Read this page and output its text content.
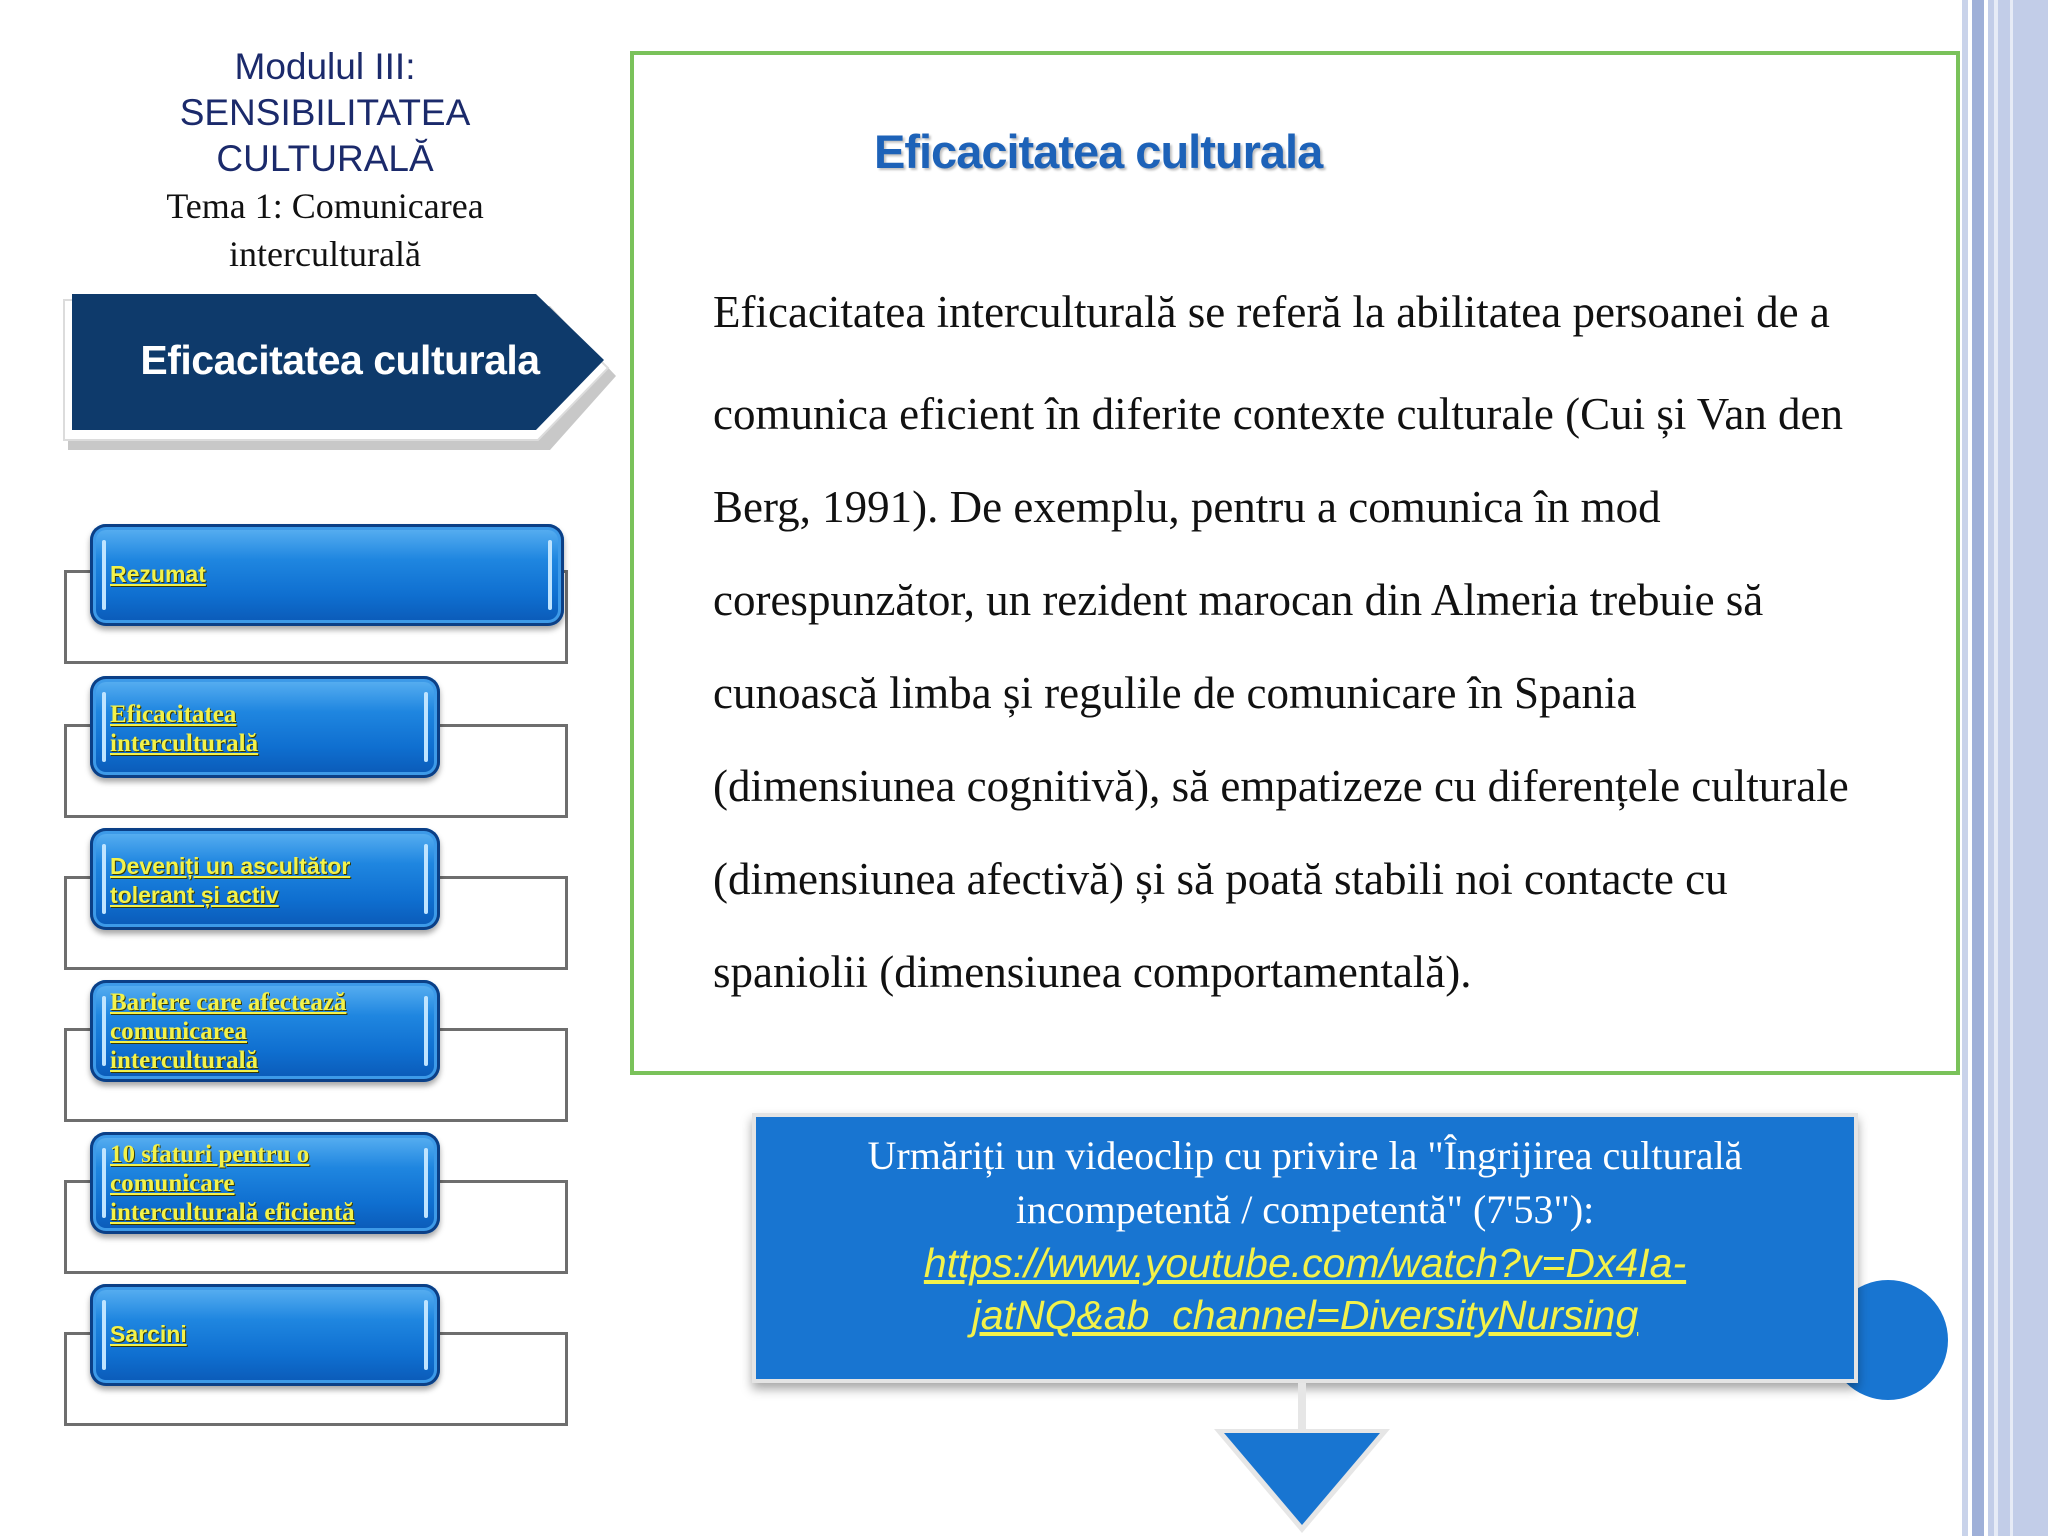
Modulul III:
SENSIBILITATEA
CULTURALĂ
Tema 1: Comunicarea
interculturală
Eficacitatea culturala
Rezumat
Eficacitatea
interculturală
Deveniți un ascultător
tolerant și activ
Bariere care afectează
comunicarea
interculturală
10 sfaturi pentru o
comunicare
interculturală eficientă
Sarcini
Eficacitatea culturala
Eficacitatea interculturală se referă la abilitatea persoanei de a
comunica eficient în diferite contexte culturale (Cui și Van den
Berg, 1991). De exemplu, pentru a comunica în mod
corespunzător, un rezident marocan din Almeria trebuie să
cunoască limba și regulile de comunicare în Spania
(dimensiunea cognitivă), să empatizeze cu diferențele culturale
(dimensiunea afectivă) și să poată stabili noi contacte cu
spaniolii (dimensiunea comportamentală).
Urmăriți un videoclip cu privire la "Îngrijirea culturală
incompetentă / competentă" (7'53"):
https://www.youtube.com/watch?v=Dx4Ia-
jatNQ&ab_channel=DiversityNursing
